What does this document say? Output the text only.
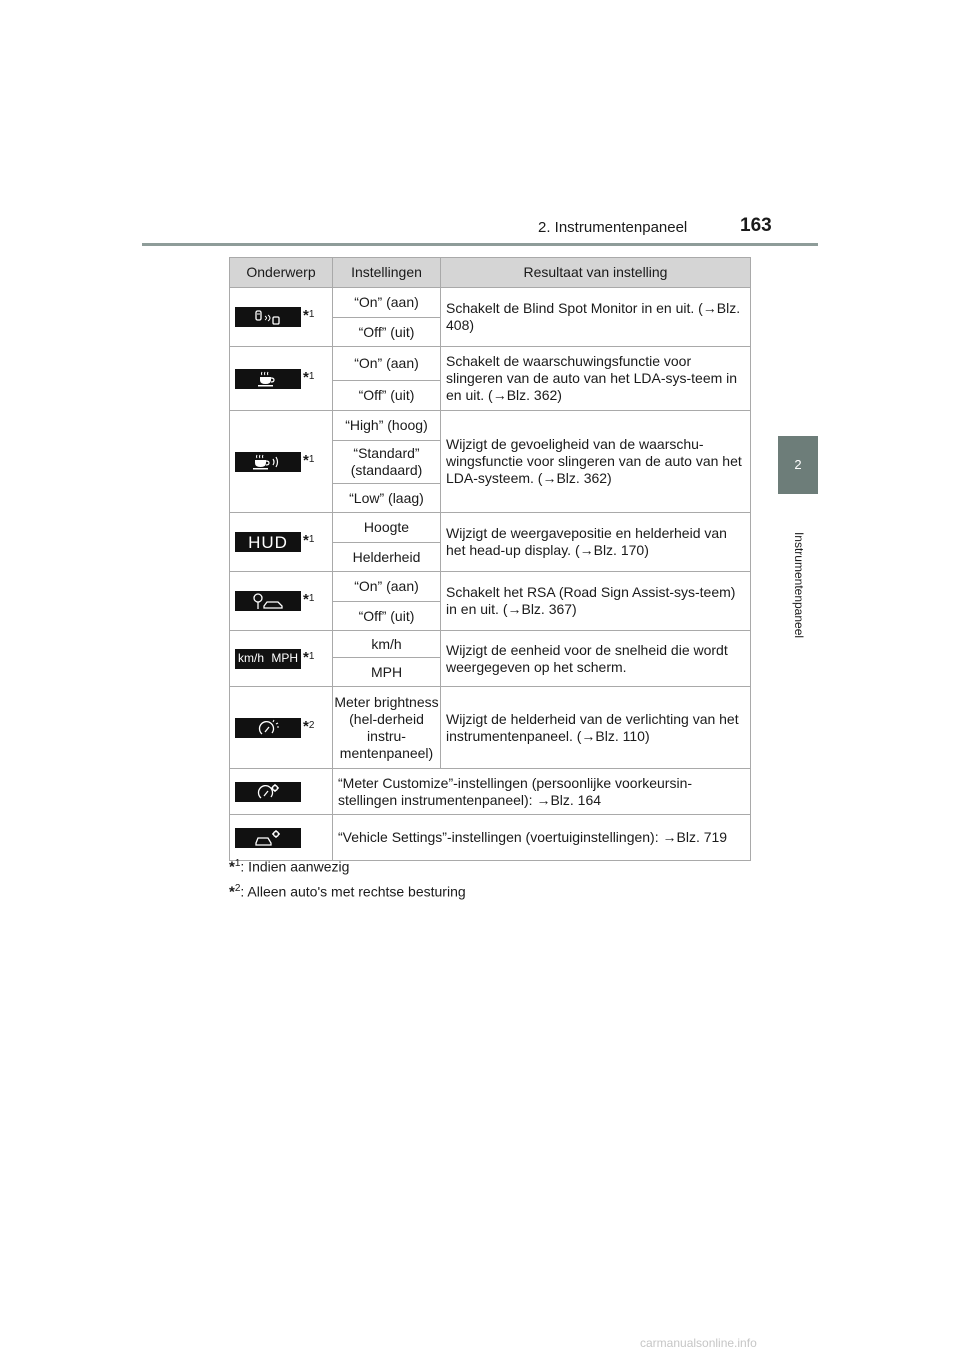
2. Instrumentenpaneel	163
2
Instrumentenpaneel
Onderwerp	Instellingen	Resultaat van instelling

*$^1$	“On” (aan)	Schakelt de Blind Spot Monitor in en uit. (→Blz. 408)
	“Off” (uit)	

*$^1$	“On” (aan)	Schakelt de waarschuwingsfunctie voor slingeren van de auto van het LDA-sys-teem in en uit. (→Blz. 362)
	“Off” (uit)	

*$^1$	“High” (hoog)	Wijzigt de gevoeligheid van de waarschu-wingsfunctie voor slingeren van de auto van het LDA-systeem. (→Blz. 362)
	“Standard” (standaard)	
	“Low” (laag)	

HUD *$^1$	Hoogte	Wijzigt de weergavepositie en helderheid van het head-up display. (→Blz. 170)
	Helderheid	

*$^1$	“On” (aan)	Schakelt het RSA (Road Sign Assist-sys-teem) in en uit. (→Blz. 367)
	“Off” (uit)	

km/h MPH *$^1$	km/h	Wijzigt de eenheid voor de snelheid die wordt weergegeven op het scherm.
	MPH	

*$^2$	Meter brightness (hel-derheid instru-mentenpaneel)	Wijzigt de helderheid van de verlichting van het instrumentenpaneel. (→Blz. 110)

	“Meter Customize”-instellingen (persoonlijke voorkeursin-stellingen instrumentenpaneel): →Blz. 164	

	“Vehicle Settings”-instellingen (voertuiginstellingen): →Blz. 719	
*$^1$: Indien aanwezig
*$^2$: Alleen auto's met rechtse besturing
carmanualsonline.info
